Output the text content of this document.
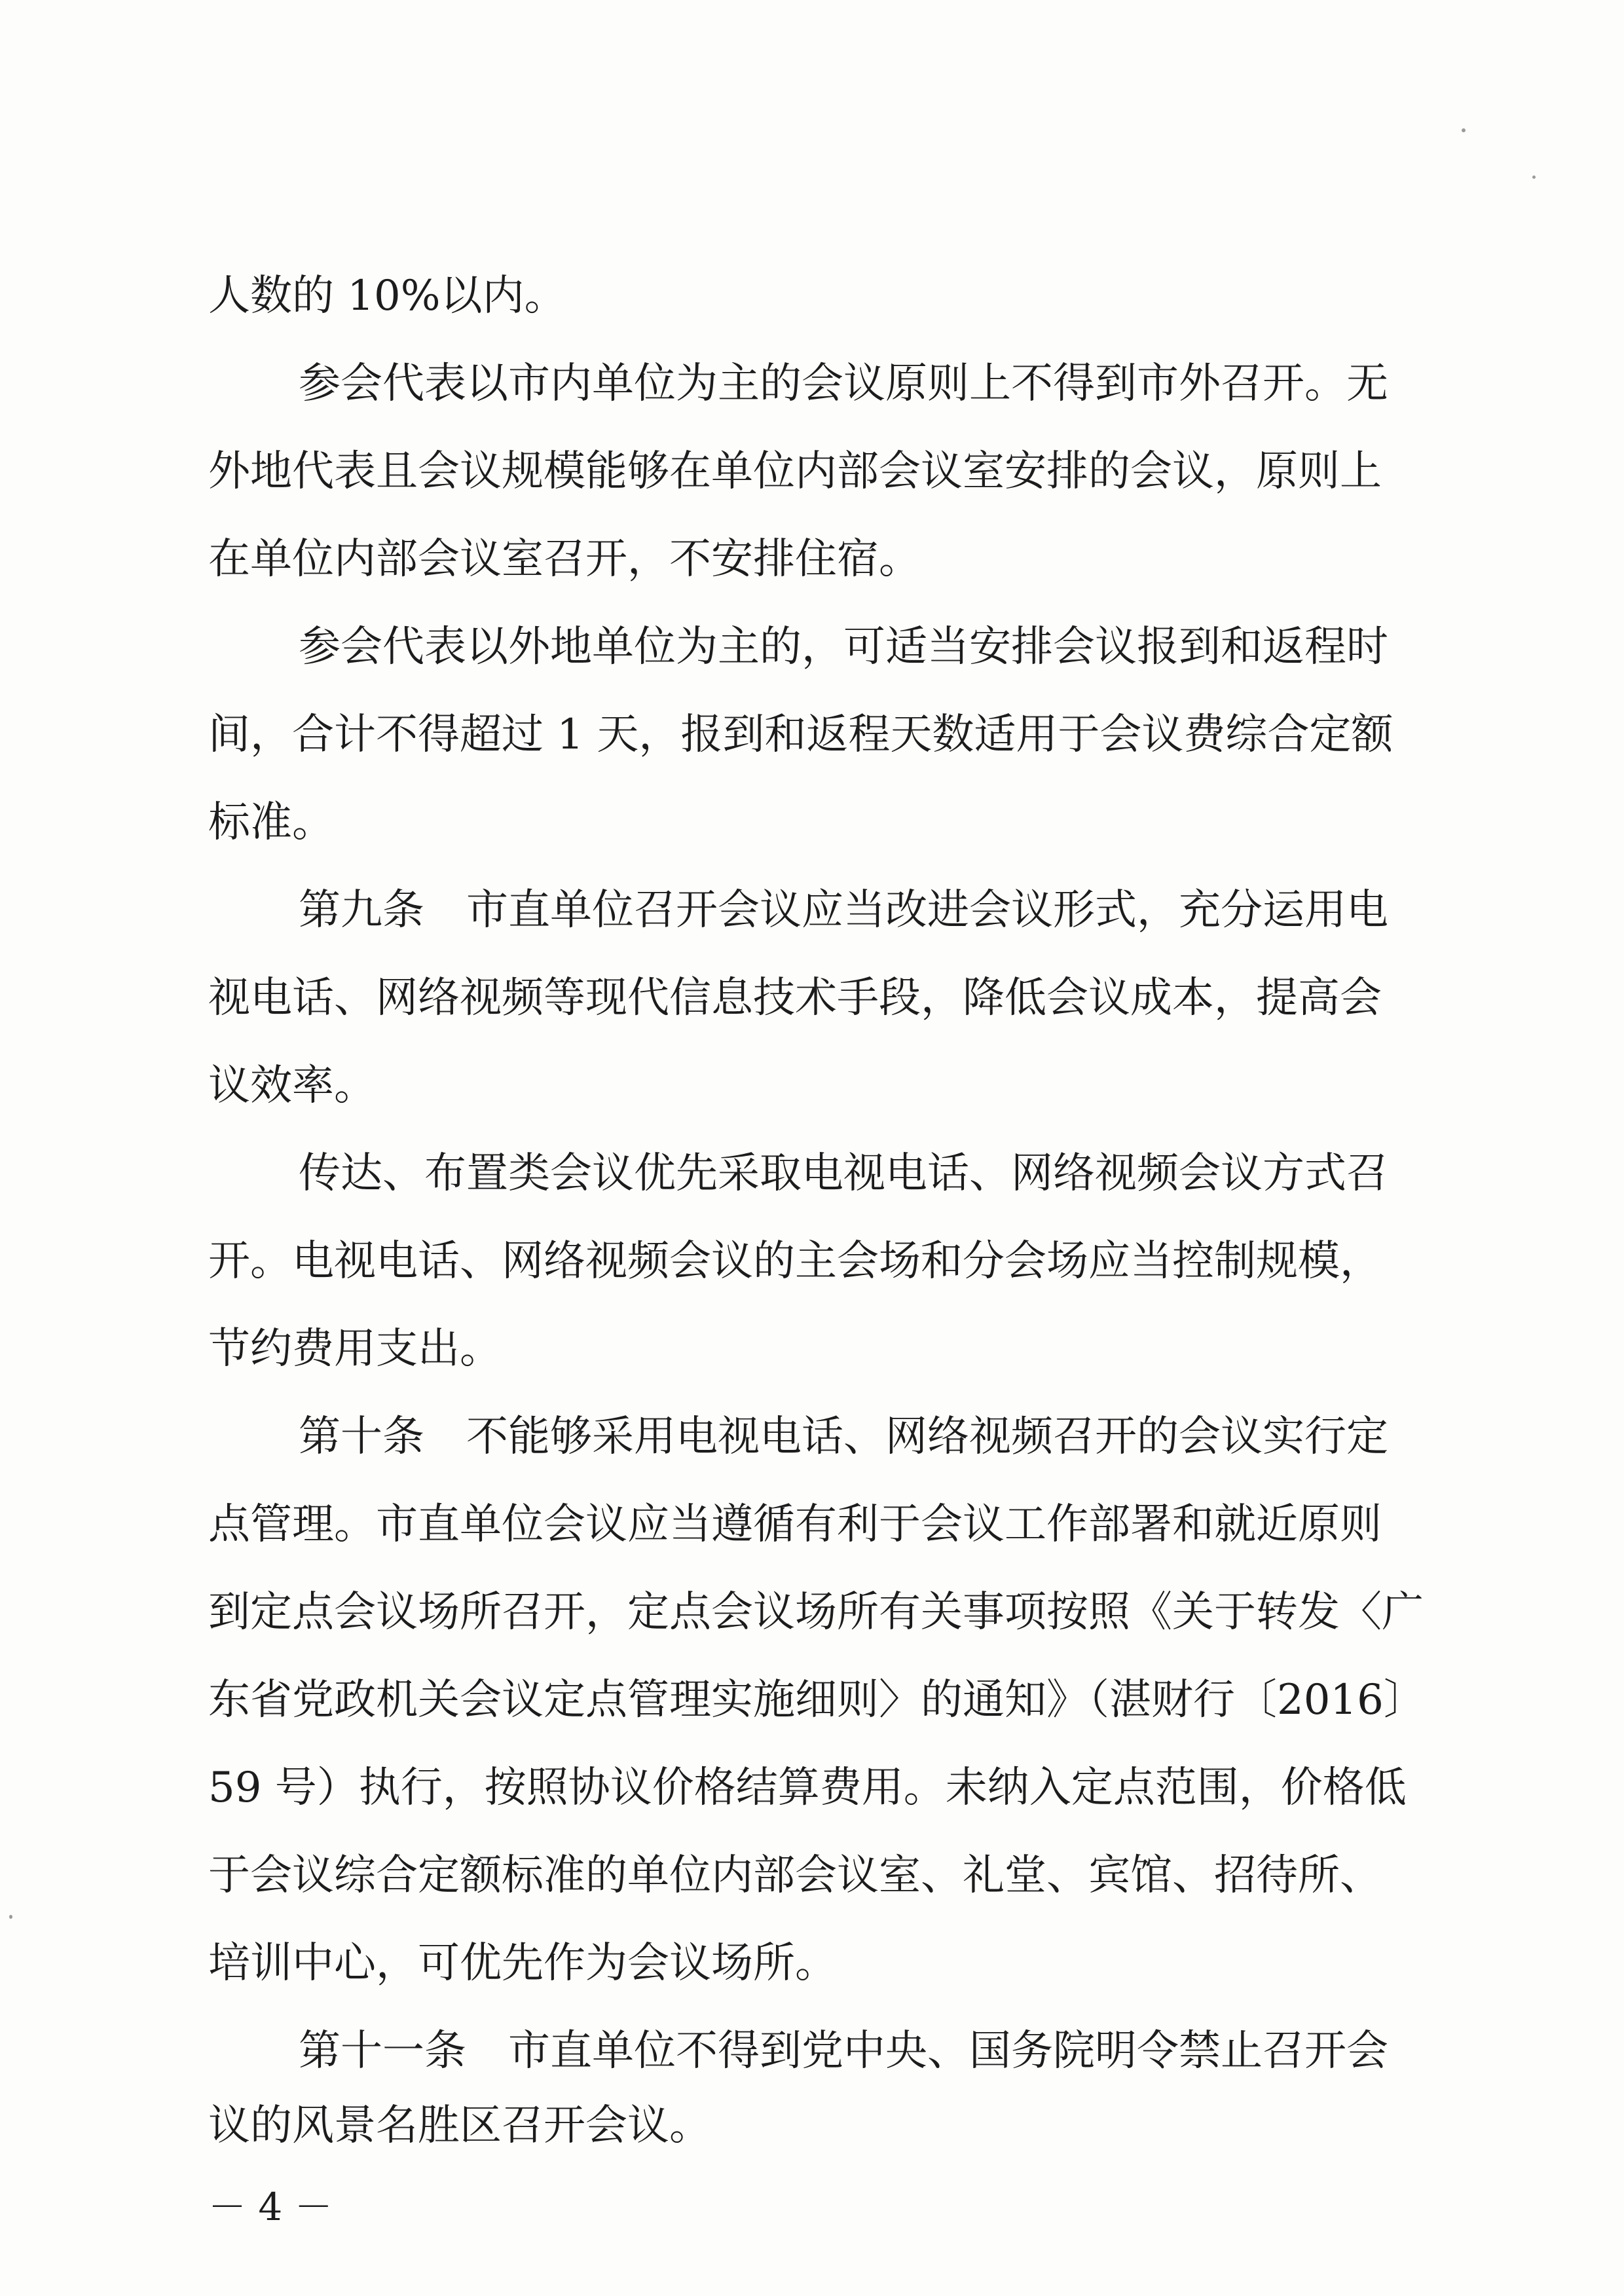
人数的 10%以内。

参会代表以市内单位为主的会议原则上不得到市外召开。无

外地代表且会议规模能够在单位内部会议室安排的会议，原则上

在单位内部会议室召开，不安排住宿。

参会代表以外地单位为主的，可适当安排会议报到和返程时

间，合计不得超过 1 天，报到和返程天数适用于会议费综合定额

标准。

第九条　市直单位召开会议应当改进会议形式，充分运用电

视电话、网络视频等现代信息技术手段，降低会议成本，提高会

议效率。

传达、布置类会议优先采取电视电话、网络视频会议方式召

开。电视电话、网络视频会议的主会场和分会场应当控制规模，

节约费用支出。

第十条　不能够采用电视电话、网络视频召开的会议实行定

点管理。市直单位会议应当遵循有利于会议工作部署和就近原则

到定点会议场所召开，定点会议场所有关事项按照《关于转发〈广

东省党政机关会议定点管理实施细则〉的通知》（湛财行〔2016〕

59 号）执行，按照协议价格结算费用。未纳入定点范围，价格低

于会议综合定额标准的单位内部会议室、礼堂、宾馆、招待所、

培训中心，可优先作为会议场所。

第十一条　市直单位不得到党中央、国务院明令禁止召开会

议的风景名胜区召开会议。

－ 4 －
